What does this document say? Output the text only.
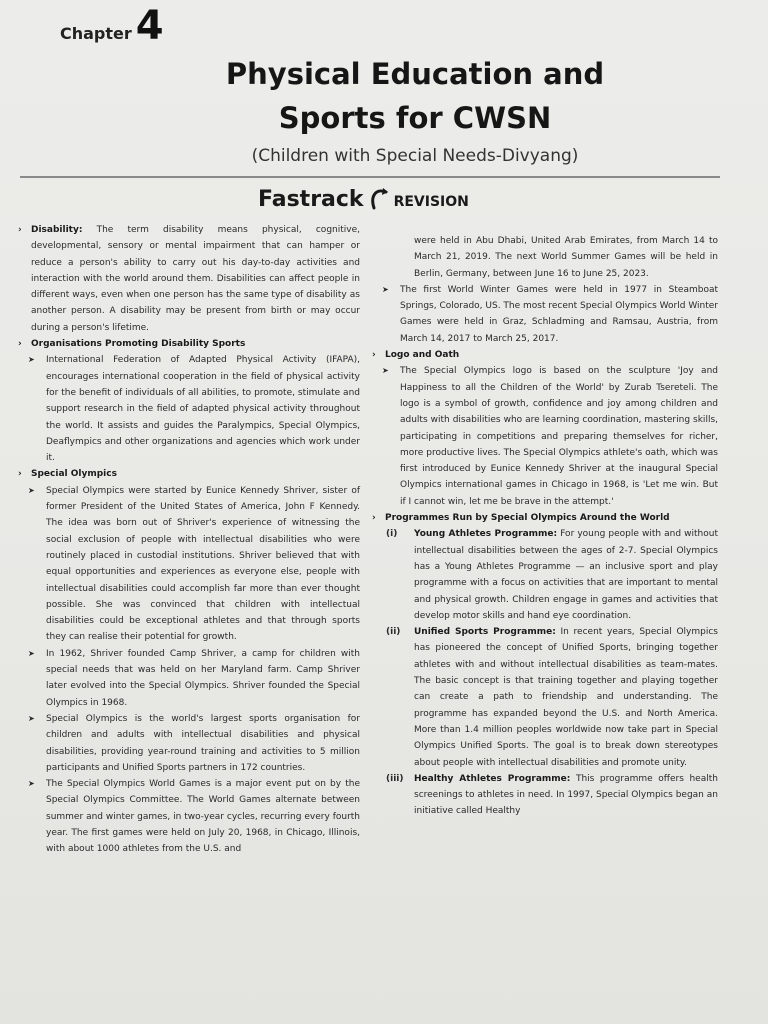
Chapter 4
Physical Education and
Sports for CWSN
(Children with Special Needs-Divyang)
Fastrack REVISION
›	Disability: The term disability means physical, cognitive, developmental, sensory or mental impairment that can hamper or reduce a person's ability to carry out his day-to-day activities and interaction with the world around them. Disabilities can affect people in different ways, even when one person has the same type of disability as another person. A disability may be present from birth or may occur during a person's lifetime.
›	Organisations Promoting Disability Sports
➤	International Federation of Adapted Physical Activity (IFAPA), encourages international cooperation in the field of physical activity for the benefit of individuals of all abilities, to promote, stimulate and support research in the field of adapted physical activity throughout the world. It assists and guides the Paralympics, Special Olympics, Deaflympics and other organizations and agencies which work under it.
›	Special Olympics
➤	Special Olympics were started by Eunice Kennedy Shriver, sister of former President of the United States of America, John F Kennedy. The idea was born out of Shriver's experience of witnessing the social exclusion of people with intellectual disabilities who were routinely placed in custodial institutions. Shriver believed that with equal opportunities and experiences as everyone else, people with intellectual disabilities could accomplish far more than ever thought possible. She was convinced that children with intellectual disabilities could be exceptional athletes and that through sports they can realise their potential for growth.
➤	In 1962, Shriver founded Camp Shriver, a camp for children with special needs that was held on her Maryland farm. Camp Shriver later evolved into the Special Olympics. Shriver founded the Special Olympics in 1968.
➤	Special Olympics is the world's largest sports organisation for children and adults with intellectual disabilities and physical disabilities, providing year-round training and activities to 5 million participants and Unified Sports partners in 172 countries.
➤	The Special Olympics World Games is a major event put on by the Special Olympics Committee. The World Games alternate between summer and winter games, in two-year cycles, recurring every fourth year. The first games were held on July 20, 1968, in Chicago, Illinois, with about 1000 athletes from the U.S. and
were held in Abu Dhabi, United Arab Emirates, from March 14 to March 21, 2019. The next World Summer Games will be held in Berlin, Germany, between June 16 to June 25, 2023.
➤	The first World Winter Games were held in 1977 in Steamboat Springs, Colorado, US. The most recent Special Olympics World Winter Games were held in Graz, Schladming and Ramsau, Austria, from March 14, 2017 to March 25, 2017.
›	Logo and Oath
➤	The Special Olympics logo is based on the sculpture 'Joy and Happiness to all the Children of the World' by Zurab Tsereteli. The logo is a symbol of growth, confidence and joy among children and adults with disabilities who are learning coordination, mastering skills, participating in competitions and preparing themselves for richer, more productive lives. The Special Olympics athlete's oath, which was first introduced by Eunice Kennedy Shriver at the inaugural Special Olympics international games in Chicago in 1968, is 'Let me win. But if I cannot win, let me be brave in the attempt.'
›	Programmes Run by Special Olympics Around the World
(i)	Young Athletes Programme: For young people with and without intellectual disabilities between the ages of 2-7. Special Olympics has a Young Athletes Programme — an inclusive sport and play programme with a focus on activities that are important to mental and physical growth. Children engage in games and activities that develop motor skills and hand eye coordination.
(ii)	Unified Sports Programme: In recent years, Special Olympics has pioneered the concept of Unified Sports, bringing together athletes with and without intellectual disabilities as team-mates. The basic concept is that training together and playing together can create a path to friendship and understanding. The programme has expanded beyond the U.S. and North America. More than 1.4 million peoples worldwide now take part in Special Olympics Unified Sports. The goal is to break down stereotypes about people with intellectual disabilities and promote unity.
(iii)	Healthy Athletes Programme: This programme offers health screenings to athletes in need. In 1997, Special Olympics began an initiative called Healthy
